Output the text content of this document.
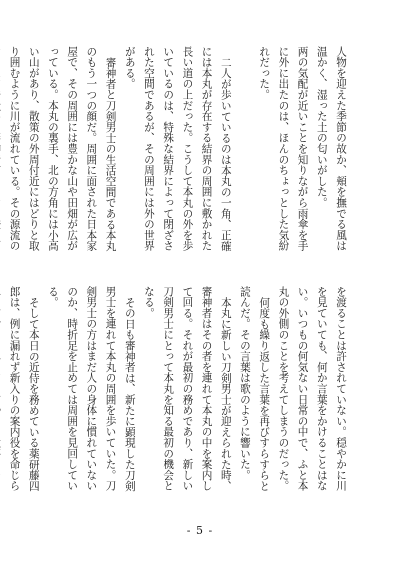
人物を迎えた季節の故か、頬を撫でる風は温かく、湿った土の匂いがした。

两の気配が近いことを知りながら雨傘を手に外に出たのは、ほんのちょっとした気紛れだった。

二人が歩いているのは本丸の一角、正確には本丸が存在する結界の周囲に敷かれた長い道の上だった。こうして本丸の外を歩いているのは、特殊な結界によって閉ざされた空間であるが、その周囲には外の世界がある。

審神者と刀剣男士の生活空間である本丸のもう一つの顔だ。周囲に面された日本家屋で、その周囲には豊かな山や田畑が広がっている。本丸の裏手、北の方角には小高い山があり、散策の外周付近にはどりと取り囲むように川が流れている。その源流の

を渡ることは許されていない。穏やかに川を見ていても、何か言葉をかけることはない。いつもの何気ない日常の中で、ふと本丸の外側のことを考えてしまうのだった。

何度も繰り返した言葉を再びすらすらと読んだ。その言葉は歌のように響いた。

本丸に新しい刀剣男士が迎えられた時、審神者はその者を連れて本丸の中を案内して回る。それが最初の務めであり、新しい刀剣男士にとって本丸を知る最初の機会となる。

その日も審神者は、新たに顕現した刀剣男士を連れて本丸の周囲を歩いていた。刀剣男士の方はまだ人の身体に慣れていないのか、時折足を止めては周囲を見回している。

そして本日の近侍を務めている薬研藤四郎は、例に漏れず新入りの案内役を命じら

- 5 -
